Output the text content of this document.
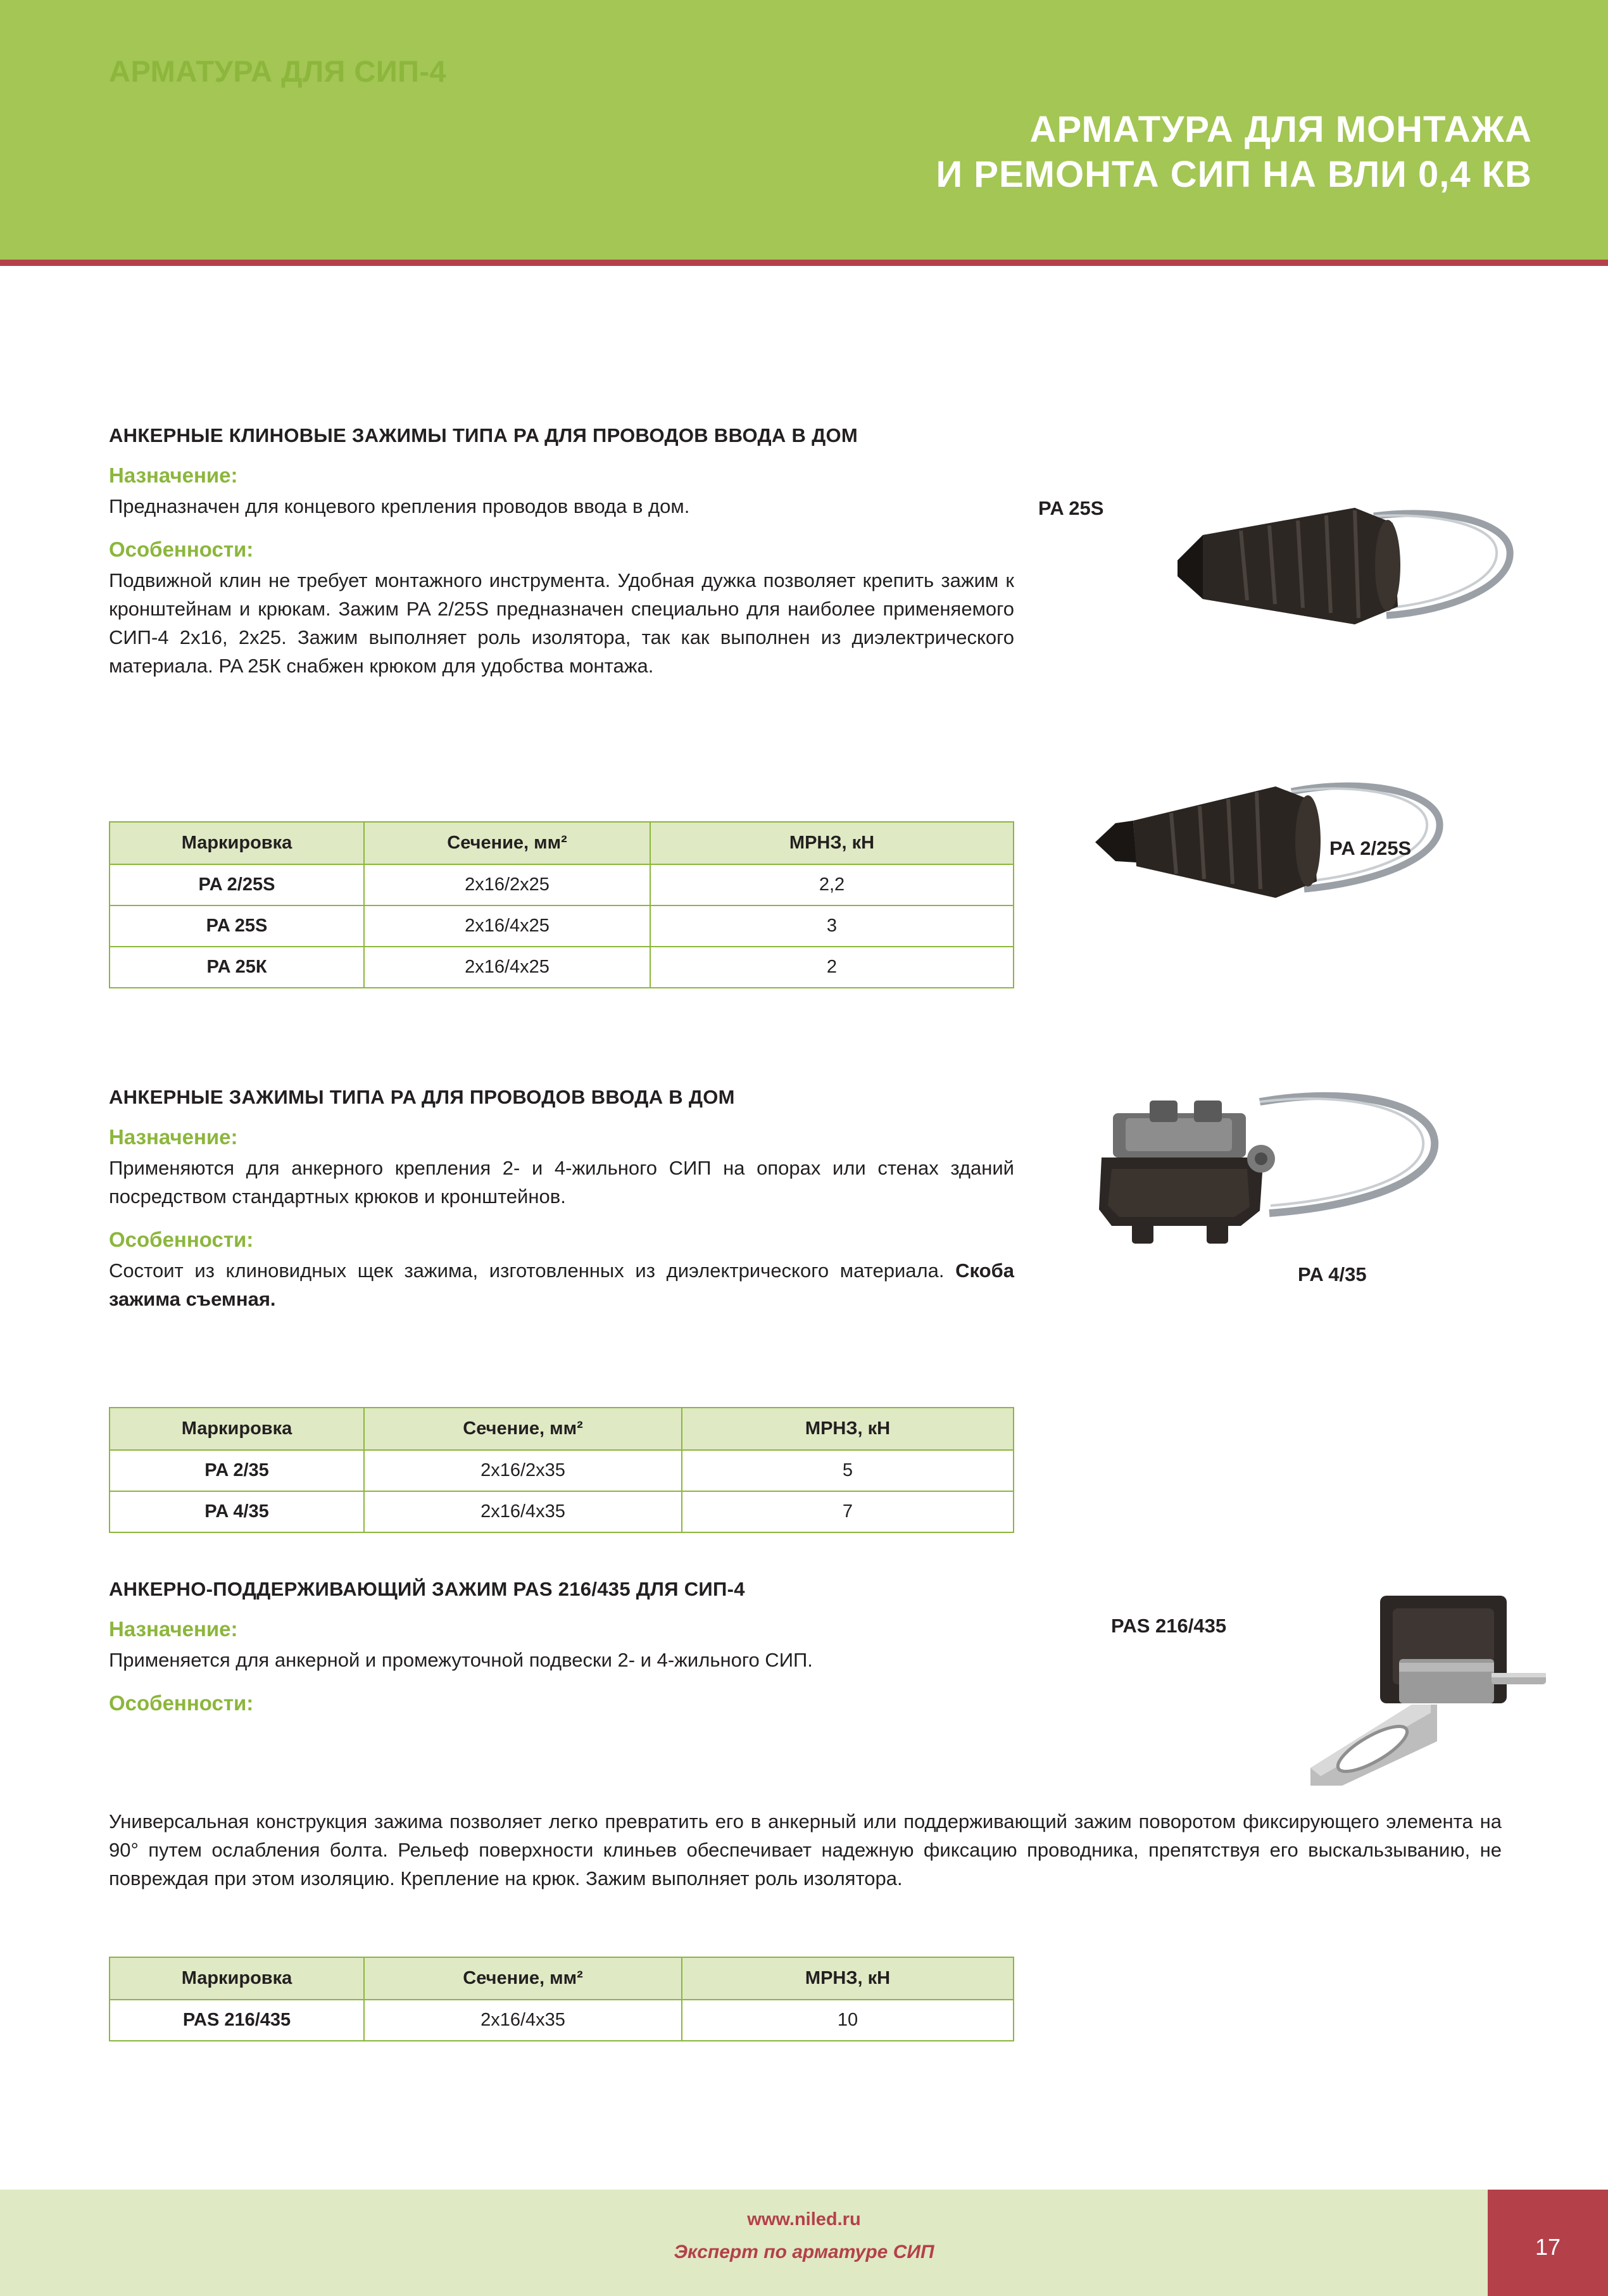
АРМАТУРА ДЛЯ МОНТАЖА
И РЕМОНТА СИП НА ВЛИ 0,4 КВ
АРМАТУРА ДЛЯ СИП-4
АНКЕРНЫЕ КЛИНОВЫЕ ЗАЖИМЫ ТИПА PA ДЛЯ ПРОВОДОВ ВВОДА В ДОМ

Назначение:

Предназначен для концевого крепления проводов ввода в дом.

Особенности:

Подвижной клин не требует монтажного инструмента. Удобная дужка позволяет крепить зажим к кронштейнам и крюкам. Зажим PA 2/25S предназначен специально для наиболее применяемого СИП-4 2х16, 2х25. Зажим выполняет роль изолятора, так как выполнен из диэлектрического материала. PA 25К снабжен крюком для удобства монтажа.

Маркировка	Сечение, мм²	МРНЗ, кН
PA 2/25S	2х16/2х25	2,2
PA 25S	2х16/4х25	3
PA 25К	2х16/4х25	2
PA 25S
PA 2/25S
АНКЕРНЫЕ ЗАЖИМЫ ТИПА PA ДЛЯ ПРОВОДОВ ВВОДА В ДОМ

Назначение:

Применяются для анкерного крепления 2- и 4-жильного СИП на опорах или стенах зданий посредством стандартных крюков и кронштейнов.

Особенности:

Состоит из клиновидных щек зажима, изготовленных из диэлектрического материала. Скоба зажима съемная.

Маркировка	Сечение, мм²	МРНЗ, кН
PA 2/35	2х16/2х35	5
PA 4/35	2х16/4х35	7
PA 4/35
АНКЕРНО-ПОДДЕРЖИВАЮЩИЙ ЗАЖИМ PAS 216/435 ДЛЯ СИП-4

Назначение:

Применяется для анкерной и промежуточной подвески 2- и 4-жильного СИП.

Особенности:

Универсальная конструкция зажима позволяет легко превратить его в анкерный или поддерживающий зажим поворотом фиксирующего элемента на 90° путем ослабления болта. Рельеф поверхности клиньев обеспечивает надежную фиксацию проводника, препятствуя его выскальзыванию, не повреждая при этом изоляцию. Крепление на крюк. Зажим выполняет роль изолятора.

Маркировка	Сечение, мм²	МРНЗ, кН
PAS 216/435	2х16/4х35	10
PAS 216/435
www.niled.ru
Эксперт по арматуре СИП	17
